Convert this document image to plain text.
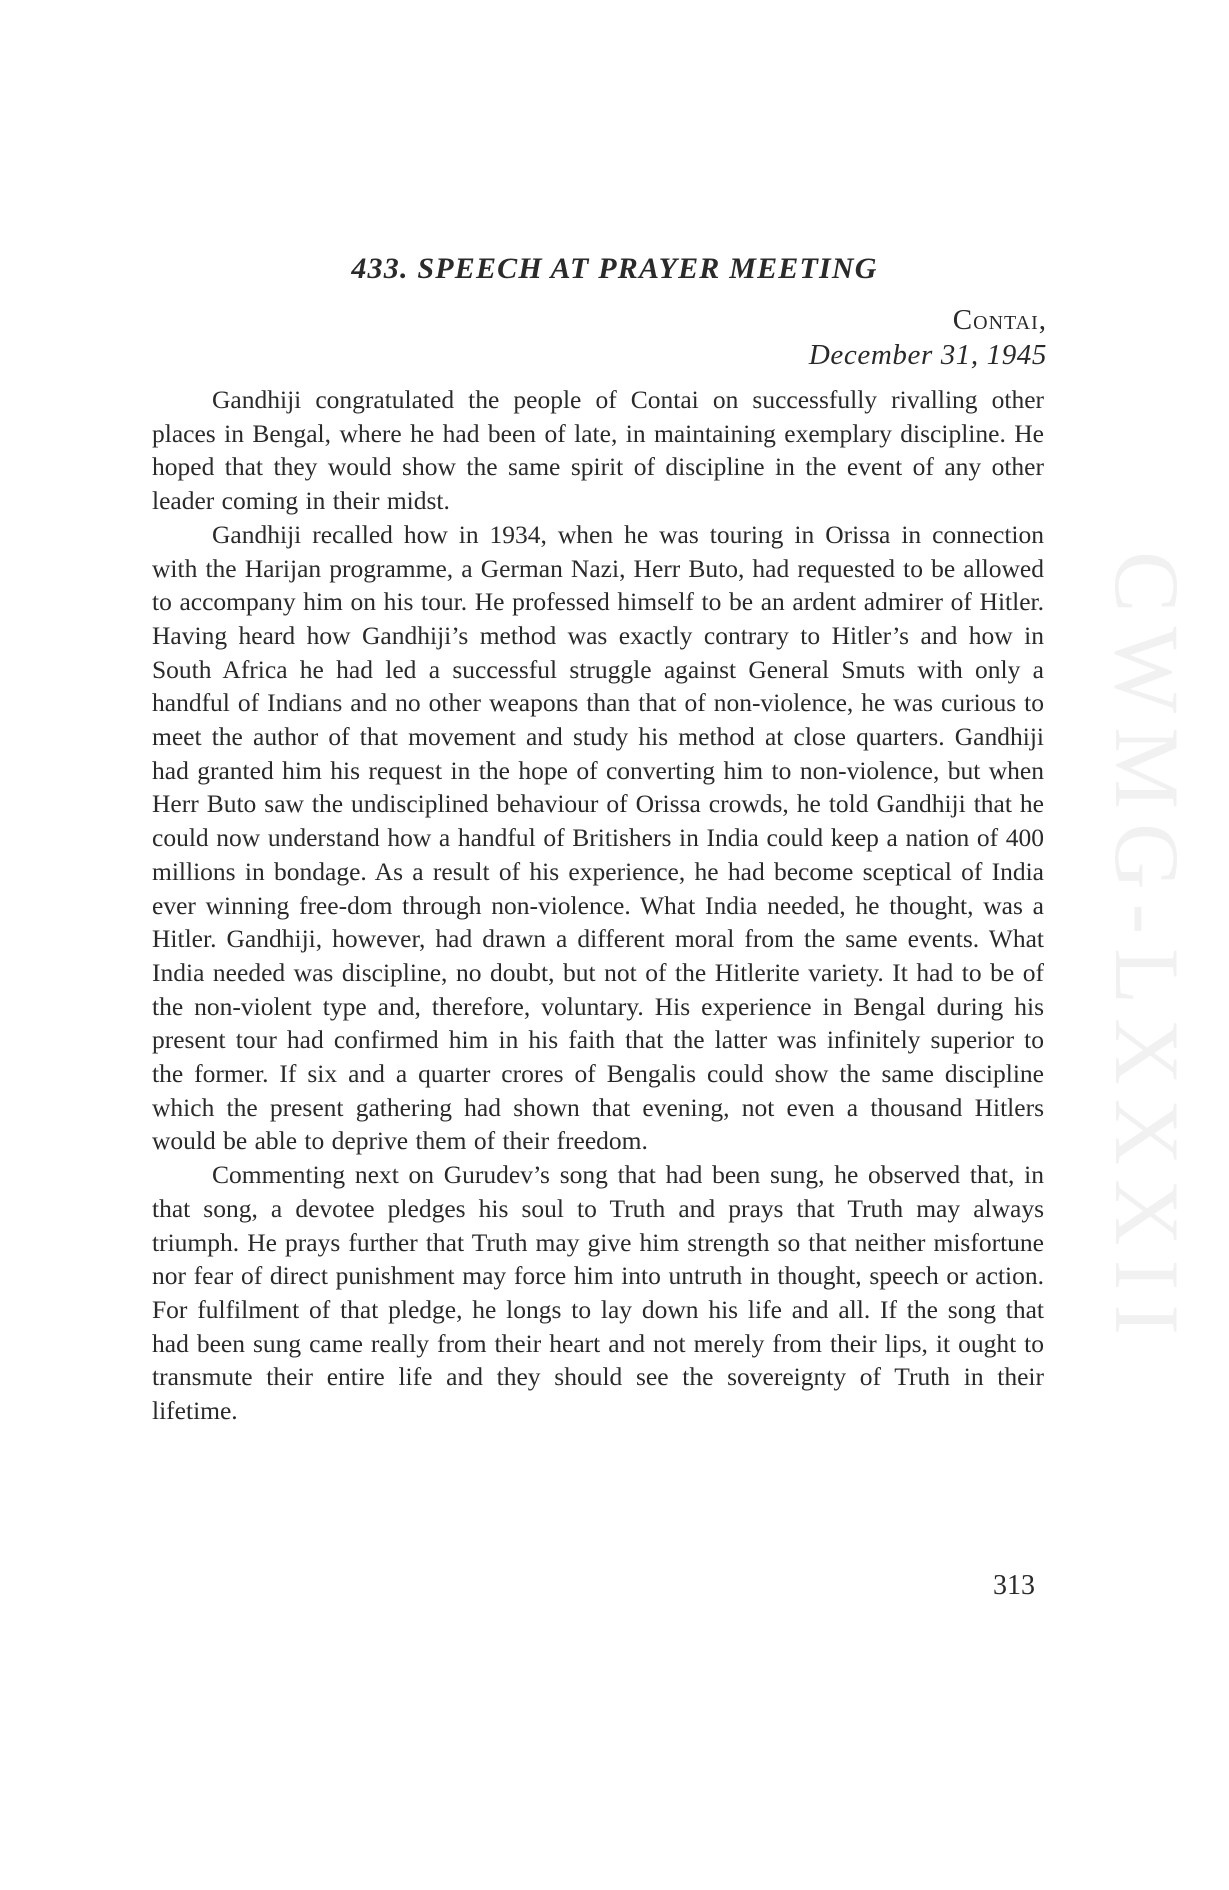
CWMG-LXXXII
433. SPEECH AT PRAYER MEETING

Contai,

December 31, 1945

Gandhiji congratulated the people of Contai on successfully rivalling other places in Bengal, where he had been of late, in maintaining exemplary discipline. He hoped that they would show the same spirit of discipline in the event of any other leader coming in their midst.

Gandhiji recalled how in 1934, when he was touring in Orissa in connection with the Harijan programme, a German Nazi, Herr Buto, had requested to be allowed to accompany him on his tour. He professed himself to be an ardent admirer of Hitler. Having heard how Gandhiji’s method was exactly contrary to Hitler’s and how in South Africa he had led a successful struggle against General Smuts with only a handful of Indians and no other weapons than that of non-violence, he was curious to meet the author of that movement and study his method at close quarters. Gandhiji had granted him his request in the hope of converting him to non-violence, but when Herr Buto saw the undisciplined behaviour of Orissa crowds, he told Gandhiji that he could now understand how a handful of Britishers in India could keep a nation of 400 millions in bondage. As a result of his experience, he had become sceptical of India ever winning free-dom through non-violence. What India needed, he thought, was a Hitler. Gandhiji, however, had drawn a different moral from the same events. What India needed was discipline, no doubt, but not of the Hitlerite variety. It had to be of the non-violent type and, therefore, voluntary. His experience in Bengal during his present tour had confirmed him in his faith that the latter was infinitely superior to the former. If six and a quarter crores of Bengalis could show the same discipline which the present gathering had shown that evening, not even a thousand Hitlers would be able to deprive them of their freedom.

Commenting next on Gurudev’s song that had been sung, he observed that, in that song, a devotee pledges his soul to Truth and prays that Truth may always triumph. He prays further that Truth may give him strength so that neither misfortune nor fear of direct punishment may force him into untruth in thought, speech or action. For fulfilment of that pledge, he longs to lay down his life and all. If the song that had been sung came really from their heart and not merely from their lips, it ought to transmute their entire life and they should see the sovereignty of Truth in their lifetime.

313
